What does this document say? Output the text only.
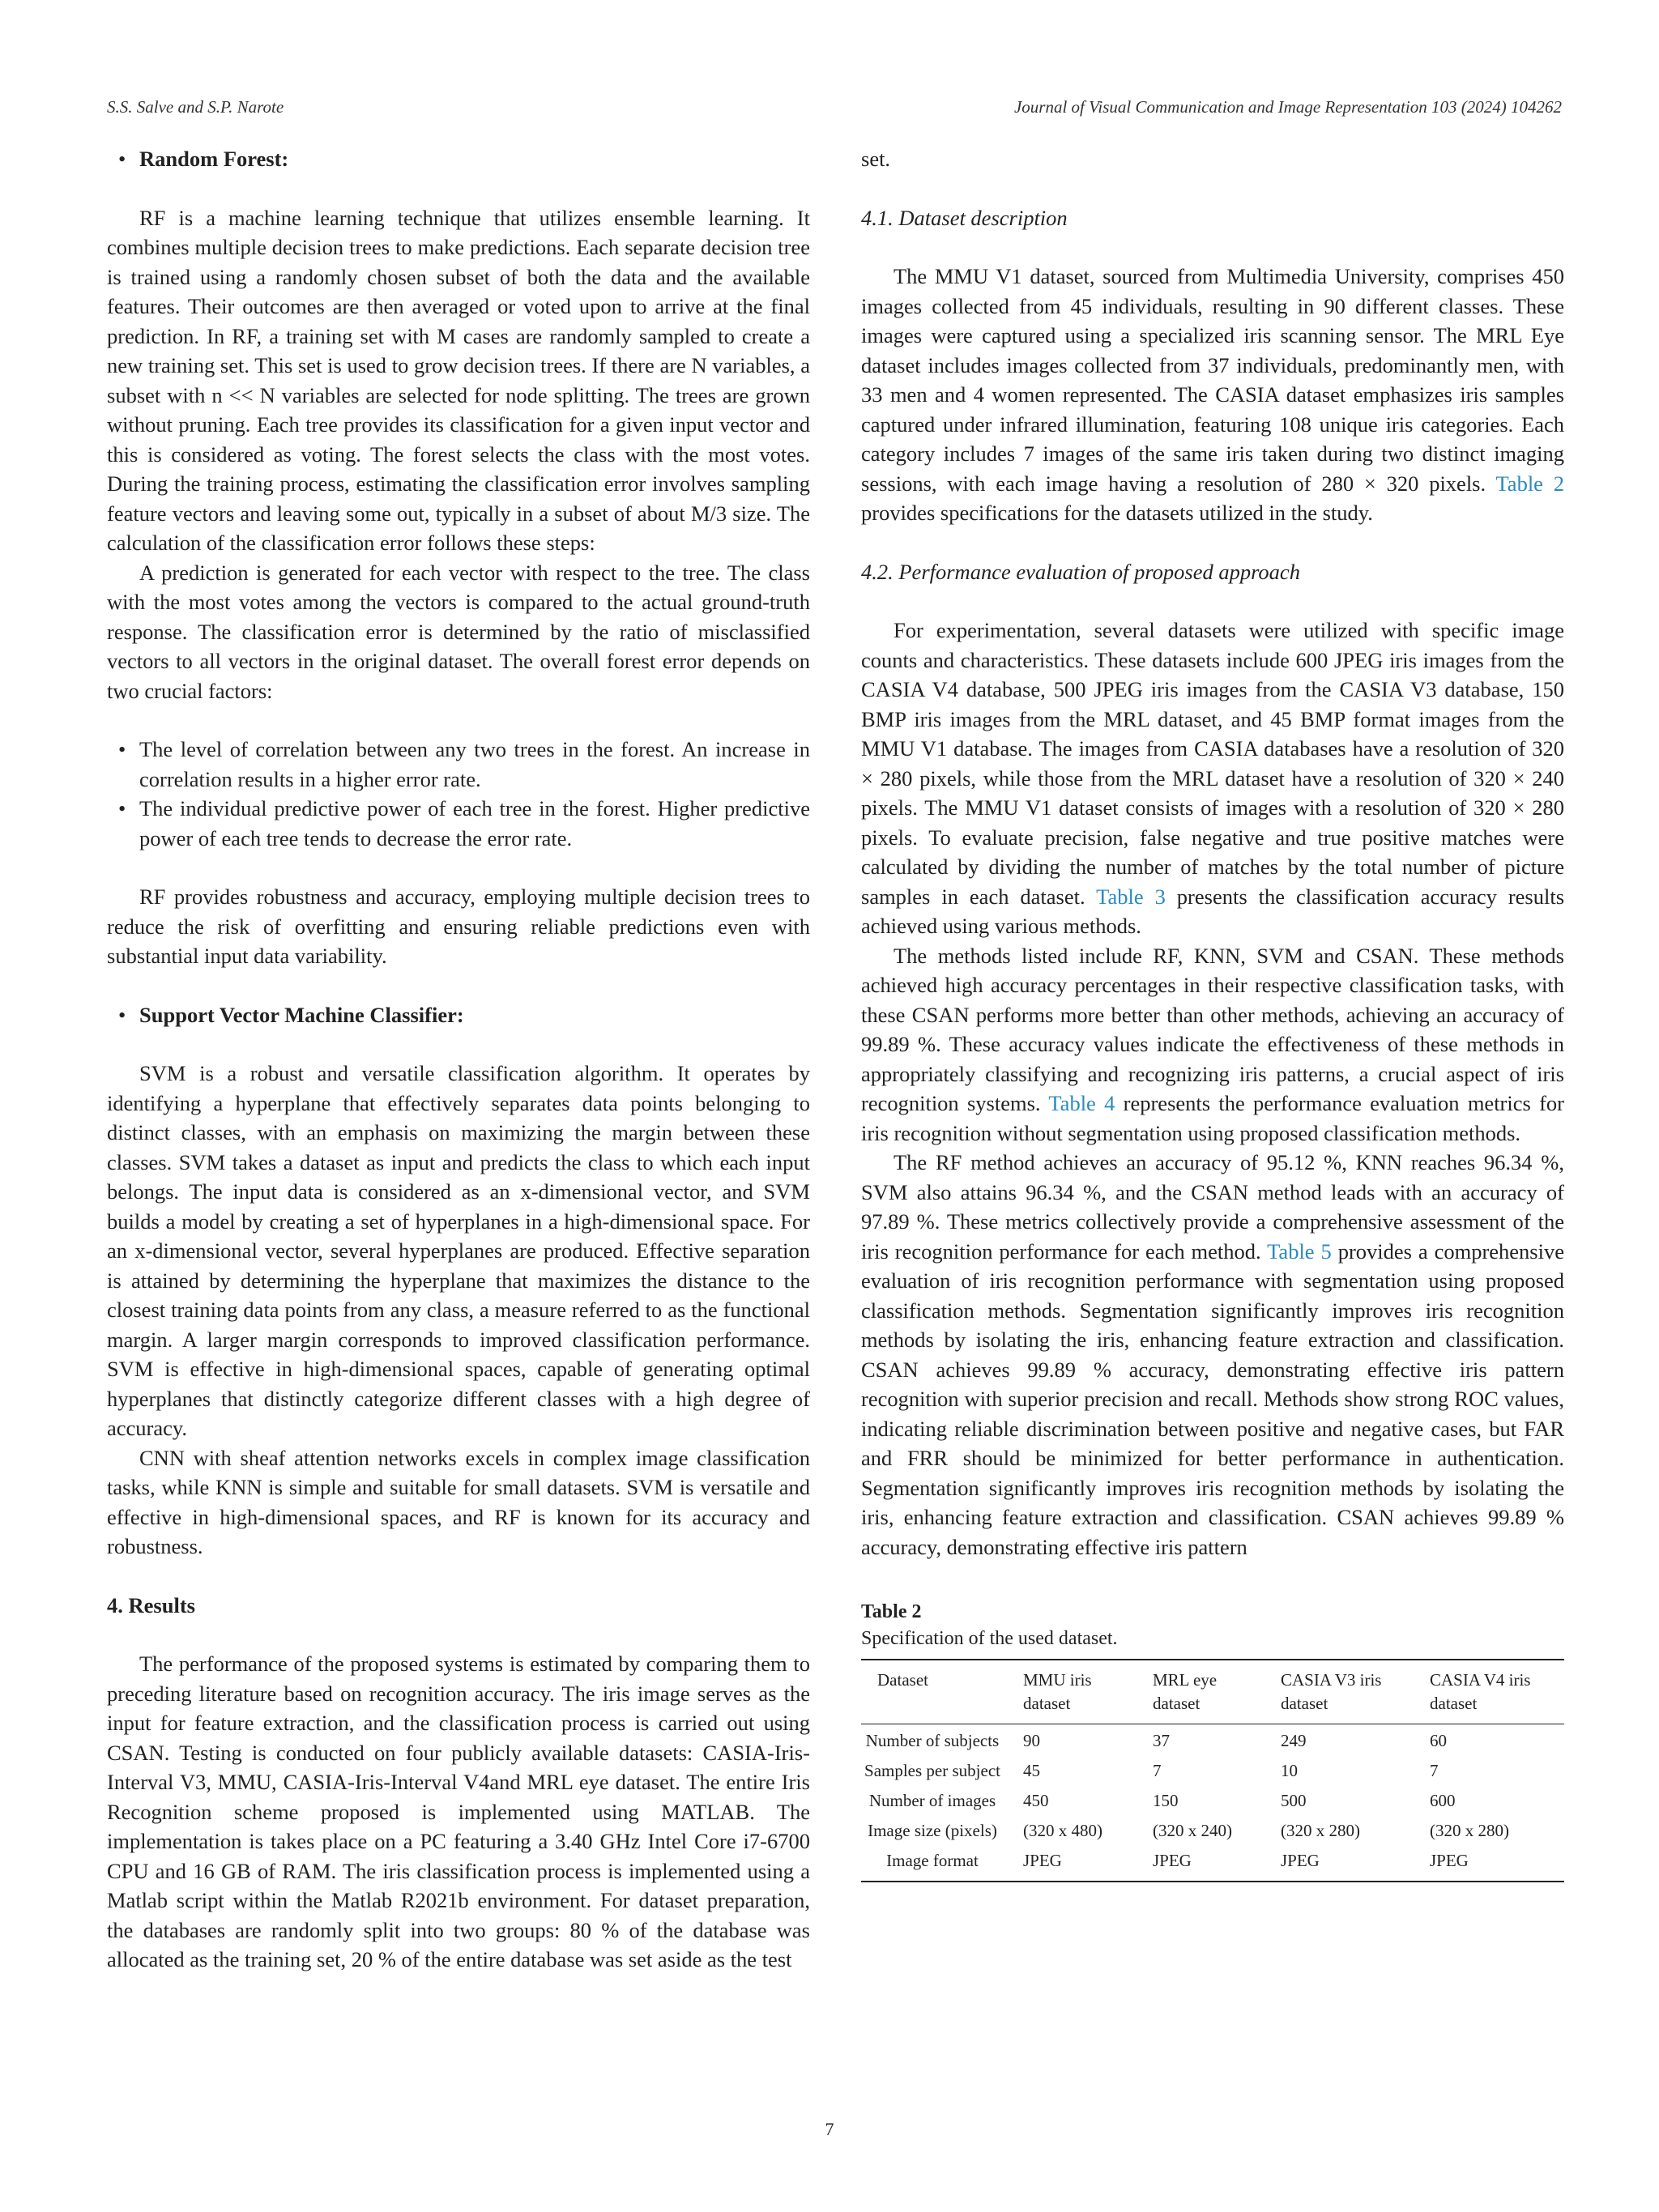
S.S. Salve and S.P. Narote	Journal of Visual Communication and Image Representation 103 (2024) 104262
• Random Forest:

RF is a machine learning technique that utilizes ensemble learning. It combines multiple decision trees to make predictions. Each separate decision tree is trained using a randomly chosen subset of both the data and the available features. Their outcomes are then averaged or voted upon to arrive at the final prediction. In RF, a training set with M cases are randomly sampled to create a new training set. This set is used to grow decision trees. If there are N variables, a subset with n << N variables are selected for node splitting. The trees are grown without pruning. Each tree provides its classification for a given input vector and this is considered as voting. The forest selects the class with the most votes. During the training process, estimating the classification error involves sampling feature vectors and leaving some out, typically in a subset of about M/3 size. The calculation of the classification error follows these steps:

A prediction is generated for each vector with respect to the tree. The class with the most votes among the vectors is compared to the actual ground-truth response. The classification error is determined by the ratio of misclassified vectors to all vectors in the original dataset. The overall forest error depends on two crucial factors:

• The level of correlation between any two trees in the forest. An increase in correlation results in a higher error rate.
• The individual predictive power of each tree in the forest. Higher predictive power of each tree tends to decrease the error rate.

RF provides robustness and accuracy, employing multiple decision trees to reduce the risk of overfitting and ensuring reliable predictions even with substantial input data variability.

• Support Vector Machine Classifier:

SVM is a robust and versatile classification algorithm. It operates by identifying a hyperplane that effectively separates data points belonging to distinct classes, with an emphasis on maximizing the margin between these classes. SVM takes a dataset as input and predicts the class to which each input belongs. The input data is considered as an x-dimensional vector, and SVM builds a model by creating a set of hyperplanes in a high-dimensional space. For an x-dimensional vector, several hyperplanes are produced. Effective separation is attained by determining the hyperplane that maximizes the distance to the closest training data points from any class, a measure referred to as the functional margin. A larger margin corresponds to improved classification performance. SVM is effective in high-dimensional spaces, capable of generating optimal hyperplanes that distinctly categorize different classes with a high degree of accuracy.

CNN with sheaf attention networks excels in complex image classification tasks, while KNN is simple and suitable for small datasets. SVM is versatile and effective in high-dimensional spaces, and RF is known for its accuracy and robustness.

4. Results

The performance of the proposed systems is estimated by comparing them to preceding literature based on recognition accuracy. The iris image serves as the input for feature extraction, and the classification process is carried out using CSAN. Testing is conducted on four publicly available datasets: CASIA-Iris-Interval V3, MMU, CASIA-Iris-Interval V4and MRL eye dataset. The entire Iris Recognition scheme proposed is implemented using MATLAB. The implementation is takes place on a PC featuring a 3.40 GHz Intel Core i7-6700 CPU and 16 GB of RAM. The iris classification process is implemented using a Matlab script within the Matlab R2021b environment. For dataset preparation, the databases are randomly split into two groups: 80 % of the database was allocated as the training set, 20 % of the entire database was set aside as the test

set.

4.1. Dataset description

The MMU V1 dataset, sourced from Multimedia University, comprises 450 images collected from 45 individuals, resulting in 90 different classes. These images were captured using a specialized iris scanning sensor. The MRL Eye dataset includes images collected from 37 individuals, predominantly men, with 33 men and 4 women represented. The CASIA dataset emphasizes iris samples captured under infrared illumination, featuring 108 unique iris categories. Each category includes 7 images of the same iris taken during two distinct imaging sessions, with each image having a resolution of 280 × 320 pixels. Table 2 provides specifications for the datasets utilized in the study.

4.2. Performance evaluation of proposed approach

For experimentation, several datasets were utilized with specific image counts and characteristics. These datasets include 600 JPEG iris images from the CASIA V4 database, 500 JPEG iris images from the CASIA V3 database, 150 BMP iris images from the MRL dataset, and 45 BMP format images from the MMU V1 database. The images from CASIA databases have a resolution of 320 × 280 pixels, while those from the MRL dataset have a resolution of 320 × 240 pixels. The MMU V1 dataset consists of images with a resolution of 320 × 280 pixels. To evaluate precision, false negative and true positive matches were calculated by dividing the number of matches by the total number of picture samples in each dataset. Table 3 presents the classification accuracy results achieved using various methods.

The methods listed include RF, KNN, SVM and CSAN. These methods achieved high accuracy percentages in their respective classification tasks, with these CSAN performs more better than other methods, achieving an accuracy of 99.89 %. These accuracy values indicate the effectiveness of these methods in appropriately classifying and recognizing iris patterns, a crucial aspect of iris recognition systems. Table 4 represents the performance evaluation metrics for iris recognition without segmentation using proposed classification methods.

The RF method achieves an accuracy of 95.12 %, KNN reaches 96.34 %, SVM also attains 96.34 %, and the CSAN method leads with an accuracy of 97.89 %. These metrics collectively provide a comprehensive assessment of the iris recognition performance for each method. Table 5 provides a comprehensive evaluation of iris recognition performance with segmentation using proposed classification methods. Segmentation significantly improves iris recognition methods by isolating the iris, enhancing feature extraction and classification. CSAN achieves 99.89 % accuracy, demonstrating effective iris pattern recognition with superior precision and recall. Methods show strong ROC values, indicating reliable discrimination between positive and negative cases, but FAR and FRR should be minimized for better performance in authentication. Segmentation significantly improves iris recognition methods by isolating the iris, enhancing feature extraction and classification. CSAN achieves 99.89 % accuracy, demonstrating effective iris pattern

Table 2

Specification of the used dataset.

Dataset	MMU iris dataset	MRL eye dataset	CASIA V3 iris dataset	CASIA V4 iris dataset
Number of subjects	90	37	249	60
Samples per subject	45	7	10	7
Number of images	450	150	500	600
Image size (pixels)	(320 x 480)	(320 x 240)	(320 x 280)	(320 x 280)
Image format	JPEG	JPEG	JPEG	JPEG
7
